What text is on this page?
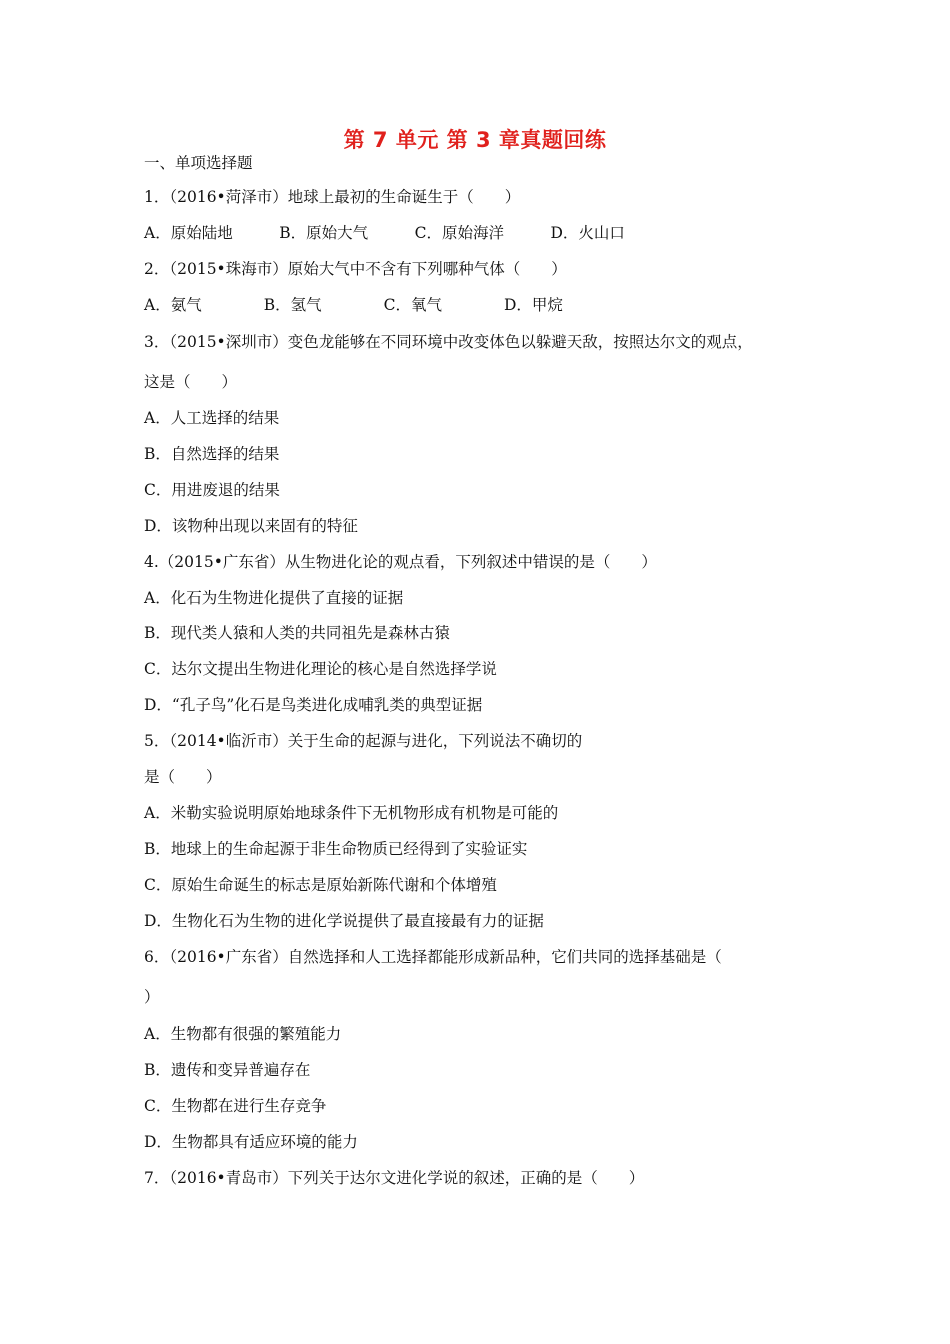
第 7 单元 第 3 章真题回练
一、单项选择题
1．（2016•菏泽市）地球上最初的生命诞生于（　　）
A．原始陆地　　　B．原始大气　　　C．原始海洋　　　D．火山口
2．（2015•珠海市）原始大气中不含有下列哪种气体（　　）
A．氨气　　　　B．氢气　　　　C．氧气　　　　D．甲烷
3．（2015•深圳市）变色龙能够在不同环境中改变体色以躲避天敌，按照达尔文的观点，
这是（　　）
A．人工选择的结果
B．自然选择的结果
C．用进废退的结果
D．该物种出现以来固有的特征
4.（2015•广东省）从生物进化论的观点看，下列叙述中错误的是（　　）
A．化石为生物进化提供了直接的证据
B．现代类人猿和人类的共同祖先是森林古猿
C．达尔文提出生物进化理论的核心是自然选择学说
D．“孔子鸟”化石是鸟类进化成哺乳类的典型证据
5．（2014•临沂市）关于生命的起源与进化，下列说法不确切的
是（　　）
A．米勒实验说明原始地球条件下无机物形成有机物是可能的
B．地球上的生命起源于非生命物质已经得到了实验证实
C．原始生命诞生的标志是原始新陈代谢和个体增殖
D．生物化石为生物的进化学说提供了最直接最有力的证据
6．（2016•广东省）自然选择和人工选择都能形成新品种，它们共同的选择基础是（
）
A．生物都有很强的繁殖能力
B．遗传和变异普遍存在
C．生物都在进行生存竞争
D．生物都具有适应环境的能力
7．（2016•青岛市）下列关于达尔文进化学说的叙述，正确的是（　　）
